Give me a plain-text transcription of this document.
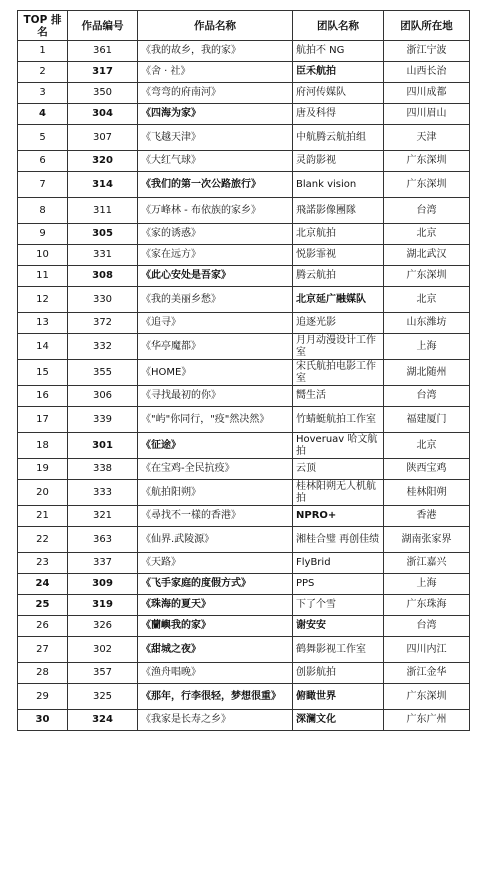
TOP 排名	作品编号	作品名称	团队名称	团队所在地
1	361	《我的故乡，我的家》	航拍不 NG	浙江宁波
2	317	《舍 · 社》	臣禾航拍	山西长治
3	350	《弯弯的府南河》	府河传媒队	四川成都
4	304	《四海为家》	唐及科得	四川眉山
5	307	《飞越天津》	中航腾云航拍组	天津
6	320	《大红气球》	灵韵影视	广东深圳
7	314	《我们的第一次公路旅行》	Blank vision	广东深圳
8	311	《万峰林 - 布依族的家乡》	飛諾影像團隊	台湾
9	305	《家的诱惑》	北京航拍	北京
10	331	《家在远方》	悦影霏视	湖北武汉
11	308	《此心安处是吾家》	腾云航拍	广东深圳
12	330	《我的美丽乡愁》	北京延广融媒队	北京
13	372	《追寻》	追逐光影	山东潍坊
14	332	《华亭魔都》	月月动漫设计工作室	上海
15	355	《HOME》	宋氏航拍电影工作室	湖北随州
16	306	《寻找最初的你》	嚮生活	台湾
17	339	《"屿"你同行，"疫"然决然》	竹蜻蜓航拍工作室	福建厦门
18	301	《征途》	Hoveruav 哈文航拍	北京
19	338	《在宝鸡-全民抗疫》	云顶	陕西宝鸡
20	333	《航拍阳朔》	桂林阳朔无人机航拍	桂林阳朔
21	321	《尋找不一樣的香港》	NPRO+	香港
22	363	《仙界.武陵源》	湘桂合璧 再创佳绩	湖南张家界
23	337	《天路》	FlyBrid	浙江嘉兴
24	309	《飞手家庭的度假方式》	PPS	上海
25	319	《珠海的夏天》	下了个雪	广东珠海
26	326	《蘭嶼我的家》	谢安安	台湾
27	302	《甜城之夜》	鹤舞影视工作室	四川内江
28	357	《渔舟唱晚》	创影航拍	浙江金华
29	325	《那年，行李很轻，梦想很重》	俯瞰世界	广东深圳
30	324	《我家是长寿之乡》	深澜文化	广东广州
